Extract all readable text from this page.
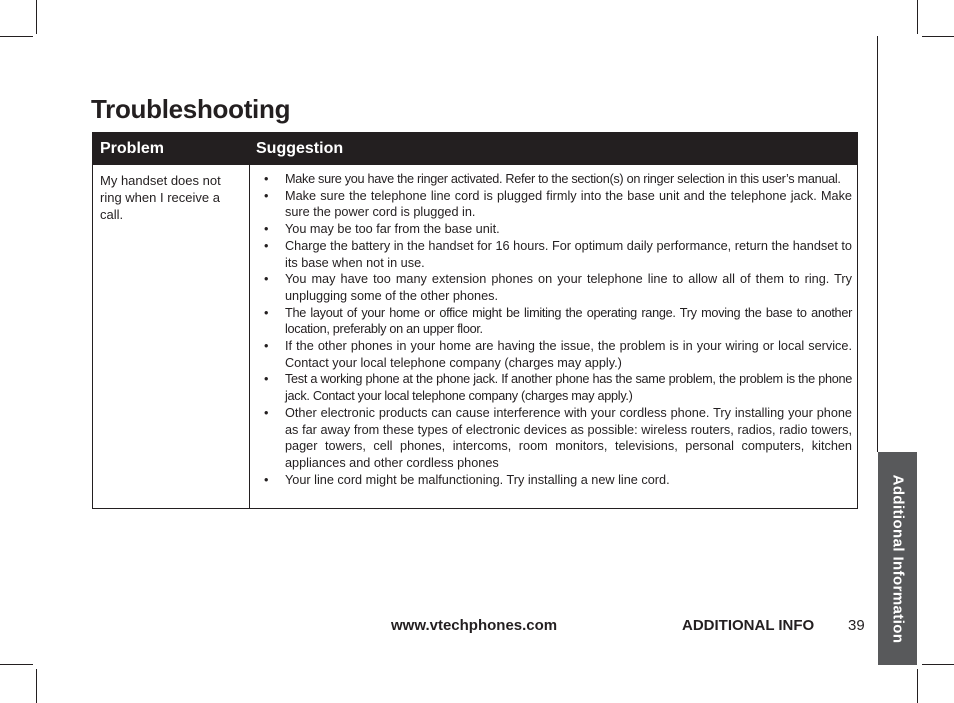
Troubleshooting
Problem	Suggestion
My handset does not ring when I receive a call.
• Make sure you have the ringer activated. Refer to the section(s) on ringer selection in this user’s manual.
• Make sure the telephone line cord is plugged firmly into the base unit and the telephone jack. Make sure the power cord is plugged in.
• You may be too far from the base unit.
• Charge the battery in the handset for 16 hours. For optimum daily performance, return the handset to its base when not in use.
• You may have too many extension phones on your telephone line to allow all of them to ring. Try unplugging some of the other phones.
• The layout of your home or office might be limiting the operating range. Try moving the base to another location, preferably on an upper floor.
• If the other phones in your home are having the issue, the problem is in your wiring or local service. Contact your local telephone company (charges may apply.)
• Test a working phone at the phone jack. If another phone has the same problem, the problem is the phone jack. Contact your local telephone company (charges may apply.)
• Other electronic products can cause interference with your cordless phone. Try installing your phone as far away from these types of electronic devices as possible: wireless routers, radios, radio towers, pager towers, cell phones, intercoms, room monitors, televisions, personal computers, kitchen appliances and other cordless phones
• Your line cord might be malfunctioning. Try installing a new line cord.	Additional Information
www.vtechphones.com	ADDITIONAL INFO 39
